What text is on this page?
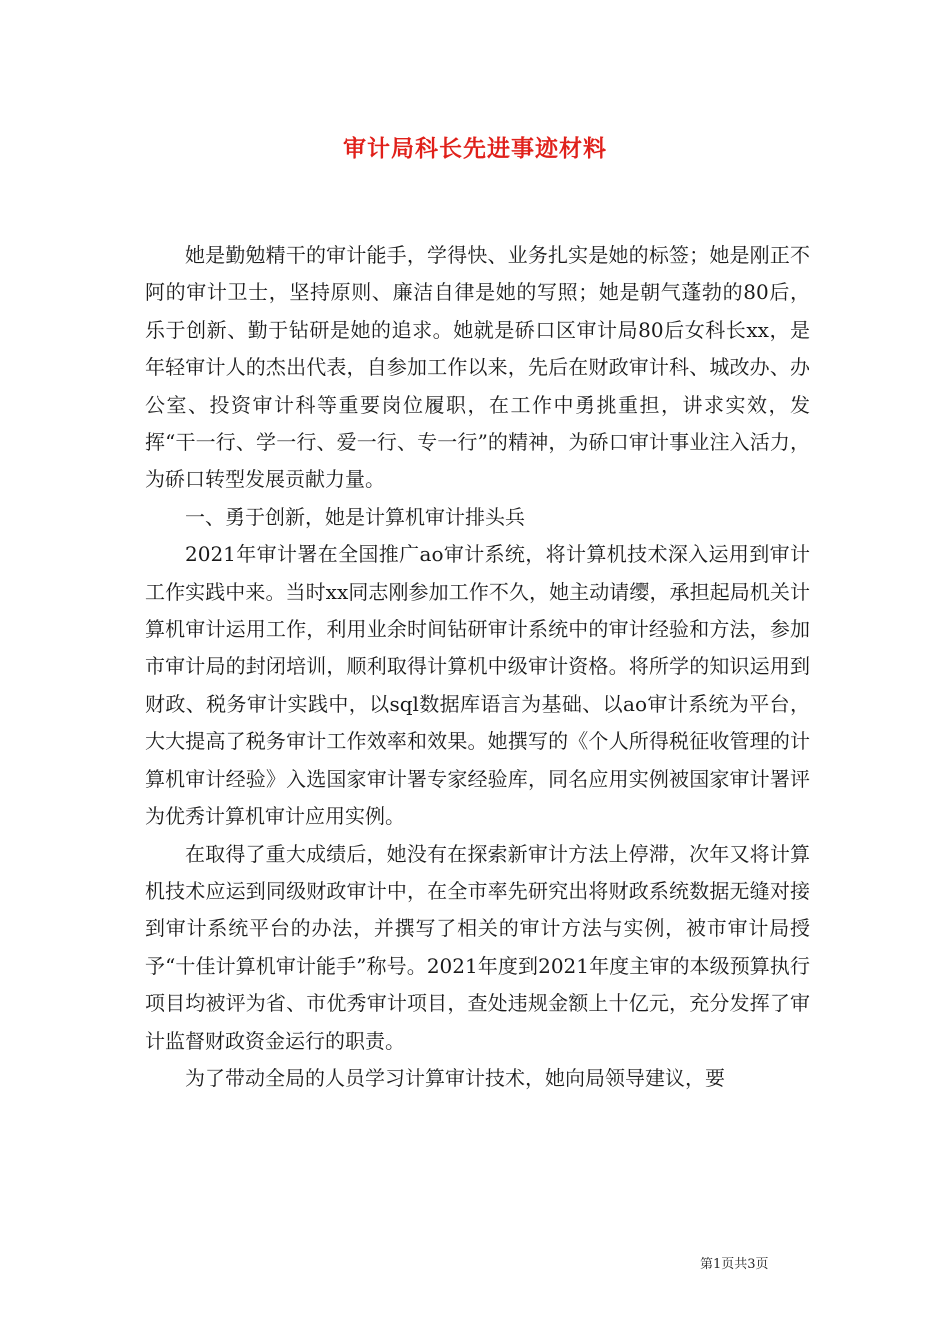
审计局科长先进事迹材料

她是勤勉精干的审计能手，学得快、业务扎实是她的标签；她是刚正不阿的审计卫士，坚持原则、廉洁自律是她的写照；她是朝气蓬勃的80后，乐于创新、勤于钻研是她的追求。她就是硚口区审计局80后女科长xx，是年轻审计人的杰出代表，自参加工作以来，先后在财政审计科、城改办、办公室、投资审计科等重要岗位履职，在工作中勇挑重担，讲求实效，发挥“干一行、学一行、爱一行、专一行”的精神，为硚口审计事业注入活力，为硚口转型发展贡献力量。

一、勇于创新，她是计算机审计排头兵

2021年审计署在全国推广ao审计系统，将计算机技术深入运用到审计工作实践中来。当时xx同志刚参加工作不久，她主动请缨，承担起局机关计算机审计运用工作，利用业余时间钻研审计系统中的审计经验和方法，参加市审计局的封闭培训，顺利取得计算机中级审计资格。将所学的知识运用到财政、税务审计实践中，以sql数据库语言为基础、以ao审计系统为平台，大大提高了税务审计工作效率和效果。她撰写的《个人所得税征收管理的计算机审计经验》入选国家审计署专家经验库，同名应用实例被国家审计署评为优秀计算机审计应用实例。

在取得了重大成绩后，她没有在探索新审计方法上停滞，次年又将计算机技术应运到同级财政审计中，在全市率先研究出将财政系统数据无缝对接到审计系统平台的办法，并撰写了相关的审计方法与实例，被市审计局授予“十佳计算机审计能手”称号。2021年度到2021年度主审的本级预算执行项目均被评为省、市优秀审计项目，查处违规金额上十亿元，充分发挥了审计监督财政资金运行的职责。

为了带动全局的人员学习计算审计技术，她向局领导建议，要

第1页共3页
